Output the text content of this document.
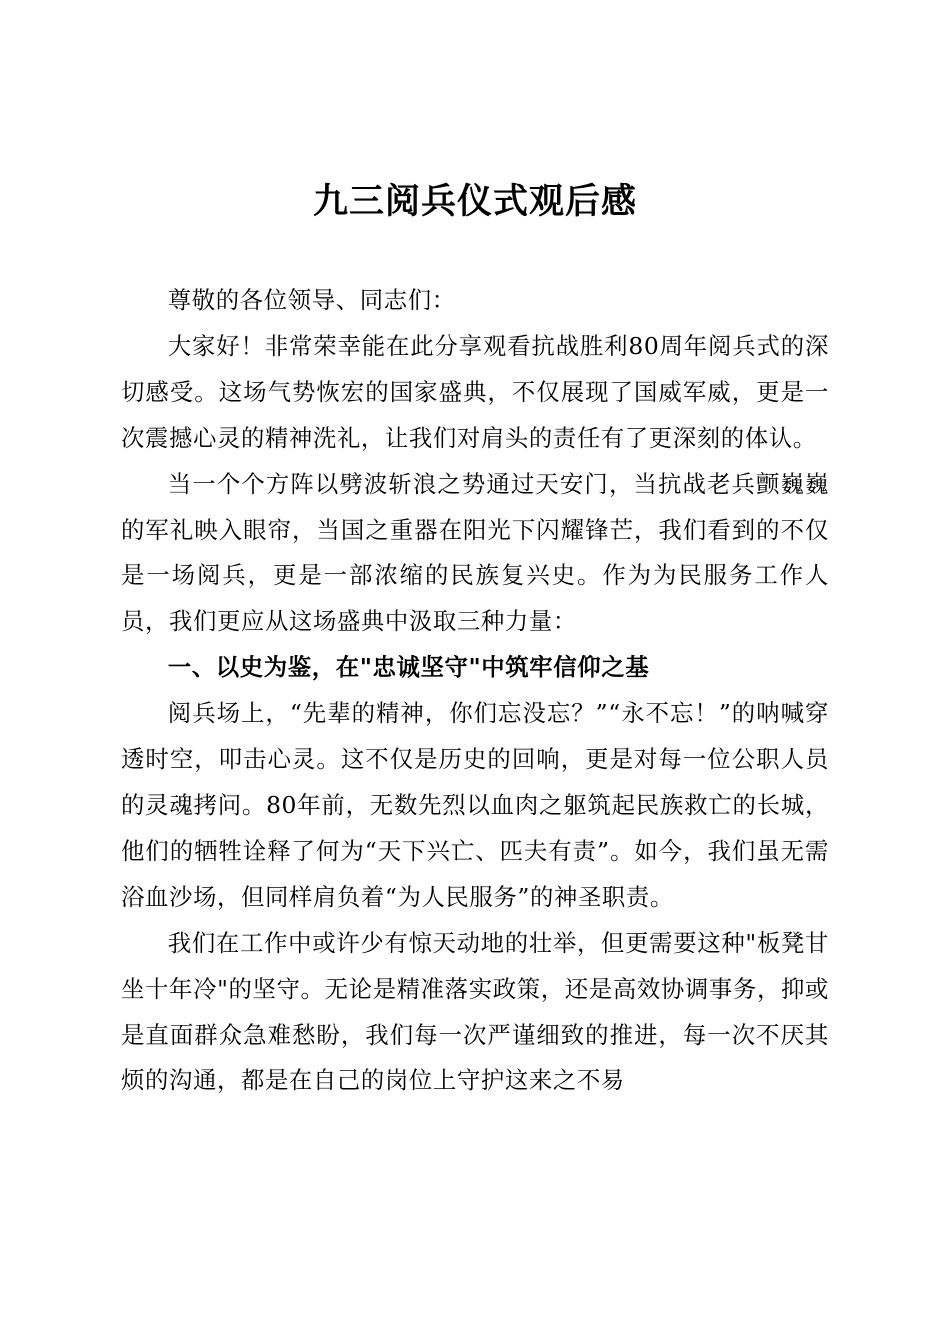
九三阅兵仪式观后感

尊敬的各位领导、同志们：

大家好！非常荣幸能在此分享观看抗战胜利80周年阅兵式的深切感受。这场气势恢宏的国家盛典，不仅展现了国威军威，更是一次震撼心灵的精神洗礼，让我们对肩头的责任有了更深刻的体认。

当一个个方阵以劈波斩浪之势通过天安门，当抗战老兵颤巍巍的军礼映入眼帘，当国之重器在阳光下闪耀锋芒，我们看到的不仅是一场阅兵，更是一部浓缩的民族复兴史。作为为民服务工作人员，我们更应从这场盛典中汲取三种力量：

一、以史为鉴，在"忠诚坚守"中筑牢信仰之基

阅兵场上，“先辈的精神，你们忘没忘？”“永不忘！”的呐喊穿透时空，叩击心灵。这不仅是历史的回响，更是对每一位公职人员的灵魂拷问。80年前，无数先烈以血肉之躯筑起民族救亡的长城，他们的牺牲诠释了何为“天下兴亡、匹夫有责”。如今，我们虽无需浴血沙场，但同样肩负着“为人民服务”的神圣职责。

我们在工作中或许少有惊天动地的壮举，但更需要这种"板凳甘坐十年冷"的坚守。无论是精准落实政策，还是高效协调事务，抑或是直面群众急难愁盼，我们每一次严谨细致的推进，每一次不厌其烦的沟通，都是在自己的岗位上守护这来之不易
